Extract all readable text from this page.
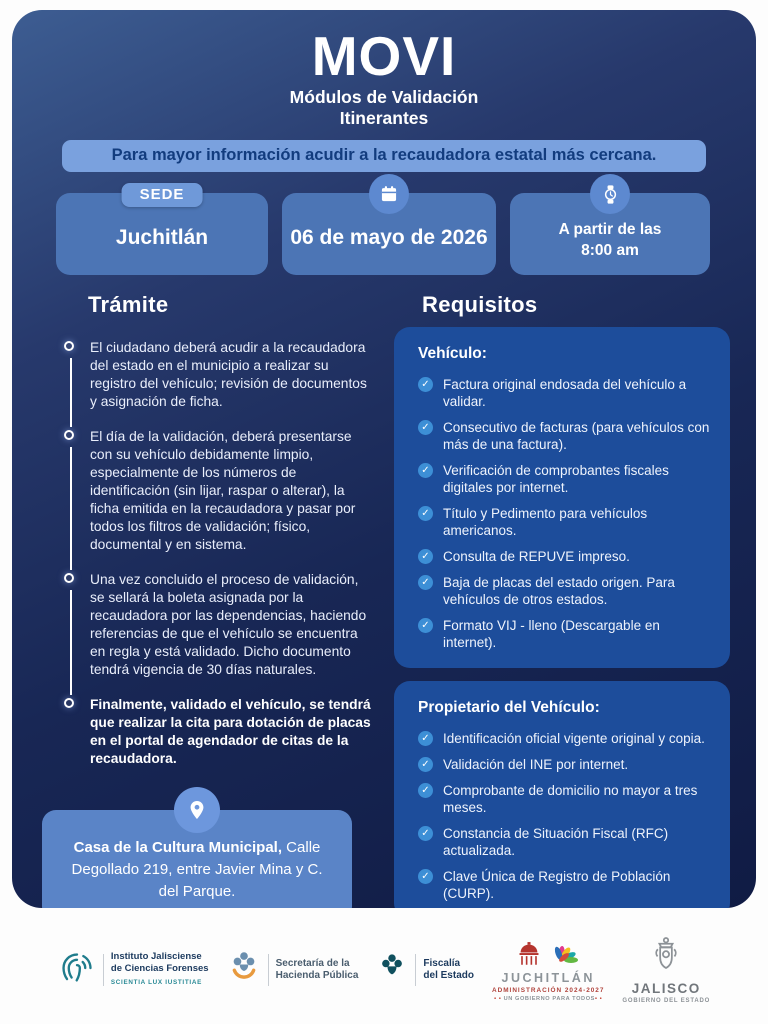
MOVI
Módulos de Validación
Itinerantes
Para mayor información acudir a la recaudadora estatal más cercana.
SEDE
Juchitlán	06 de mayo de 2026	A partir de las
8:00 am
Trámite
El ciudadano deberá acudir a la recaudadora del estado en el municipio a realizar su registro del vehículo; revisión de documentos y asignación de ficha.
El día de la validación, deberá presentarse con su vehículo debidamente limpio, especialmente de los números de identificación (sin lijar, raspar o alterar), la ficha emitida en la recaudadora y pasar por todos los filtros de validación; físico, documental y en sistema.
Una vez concluido el proceso de validación, se sellará la boleta asignada por la recaudadora por las dependencias, haciendo referencias de que el vehículo se encuentra en regla y está validado. Dicho documento tendrá vigencia de 30 días naturales.
Finalmente, validado el vehículo, se tendrá que realizar la cita para dotación de placas en el portal de agendador de citas de la recaudadora.

Casa de la Cultura Municipal, Calle Degollado 219, entre Javier Mina y C. del Parque.

Requisitos
Vehículo:
✓ Factura original endosada del vehículo a validar.
✓ Consecutivo de facturas (para vehículos con más de una factura).
✓ Verificación de comprobantes fiscales digitales por internet.
✓ Título y Pedimento para vehículos americanos.
✓ Consulta de REPUVE impreso.
✓ Baja de placas del estado origen. Para vehículos de otros estados.
✓ Formato VIJ - lleno (Descargable en internet).
Propietario del Vehículo:
✓ Identificación oficial vigente original y copia.
✓ Validación del INE por internet.
✓ Comprobante de domicilio no mayor a tres meses.
✓ Constancia de Situación Fiscal (RFC) actualizada.
✓ Clave Única de Registro de Población (CURP).
Instituto Jalisciense
de Ciencias Forenses
SCIENTIA LUX IUSTITIAE
Secretaría de la
Hacienda Pública
Fiscalía
del Estado JUCHITLÁN
ADMINISTRACIÓN 2024-2027
• • UN GOBIERNO PARA TODOS • •
JALISCO
GOBIERNO DEL ESTADO
